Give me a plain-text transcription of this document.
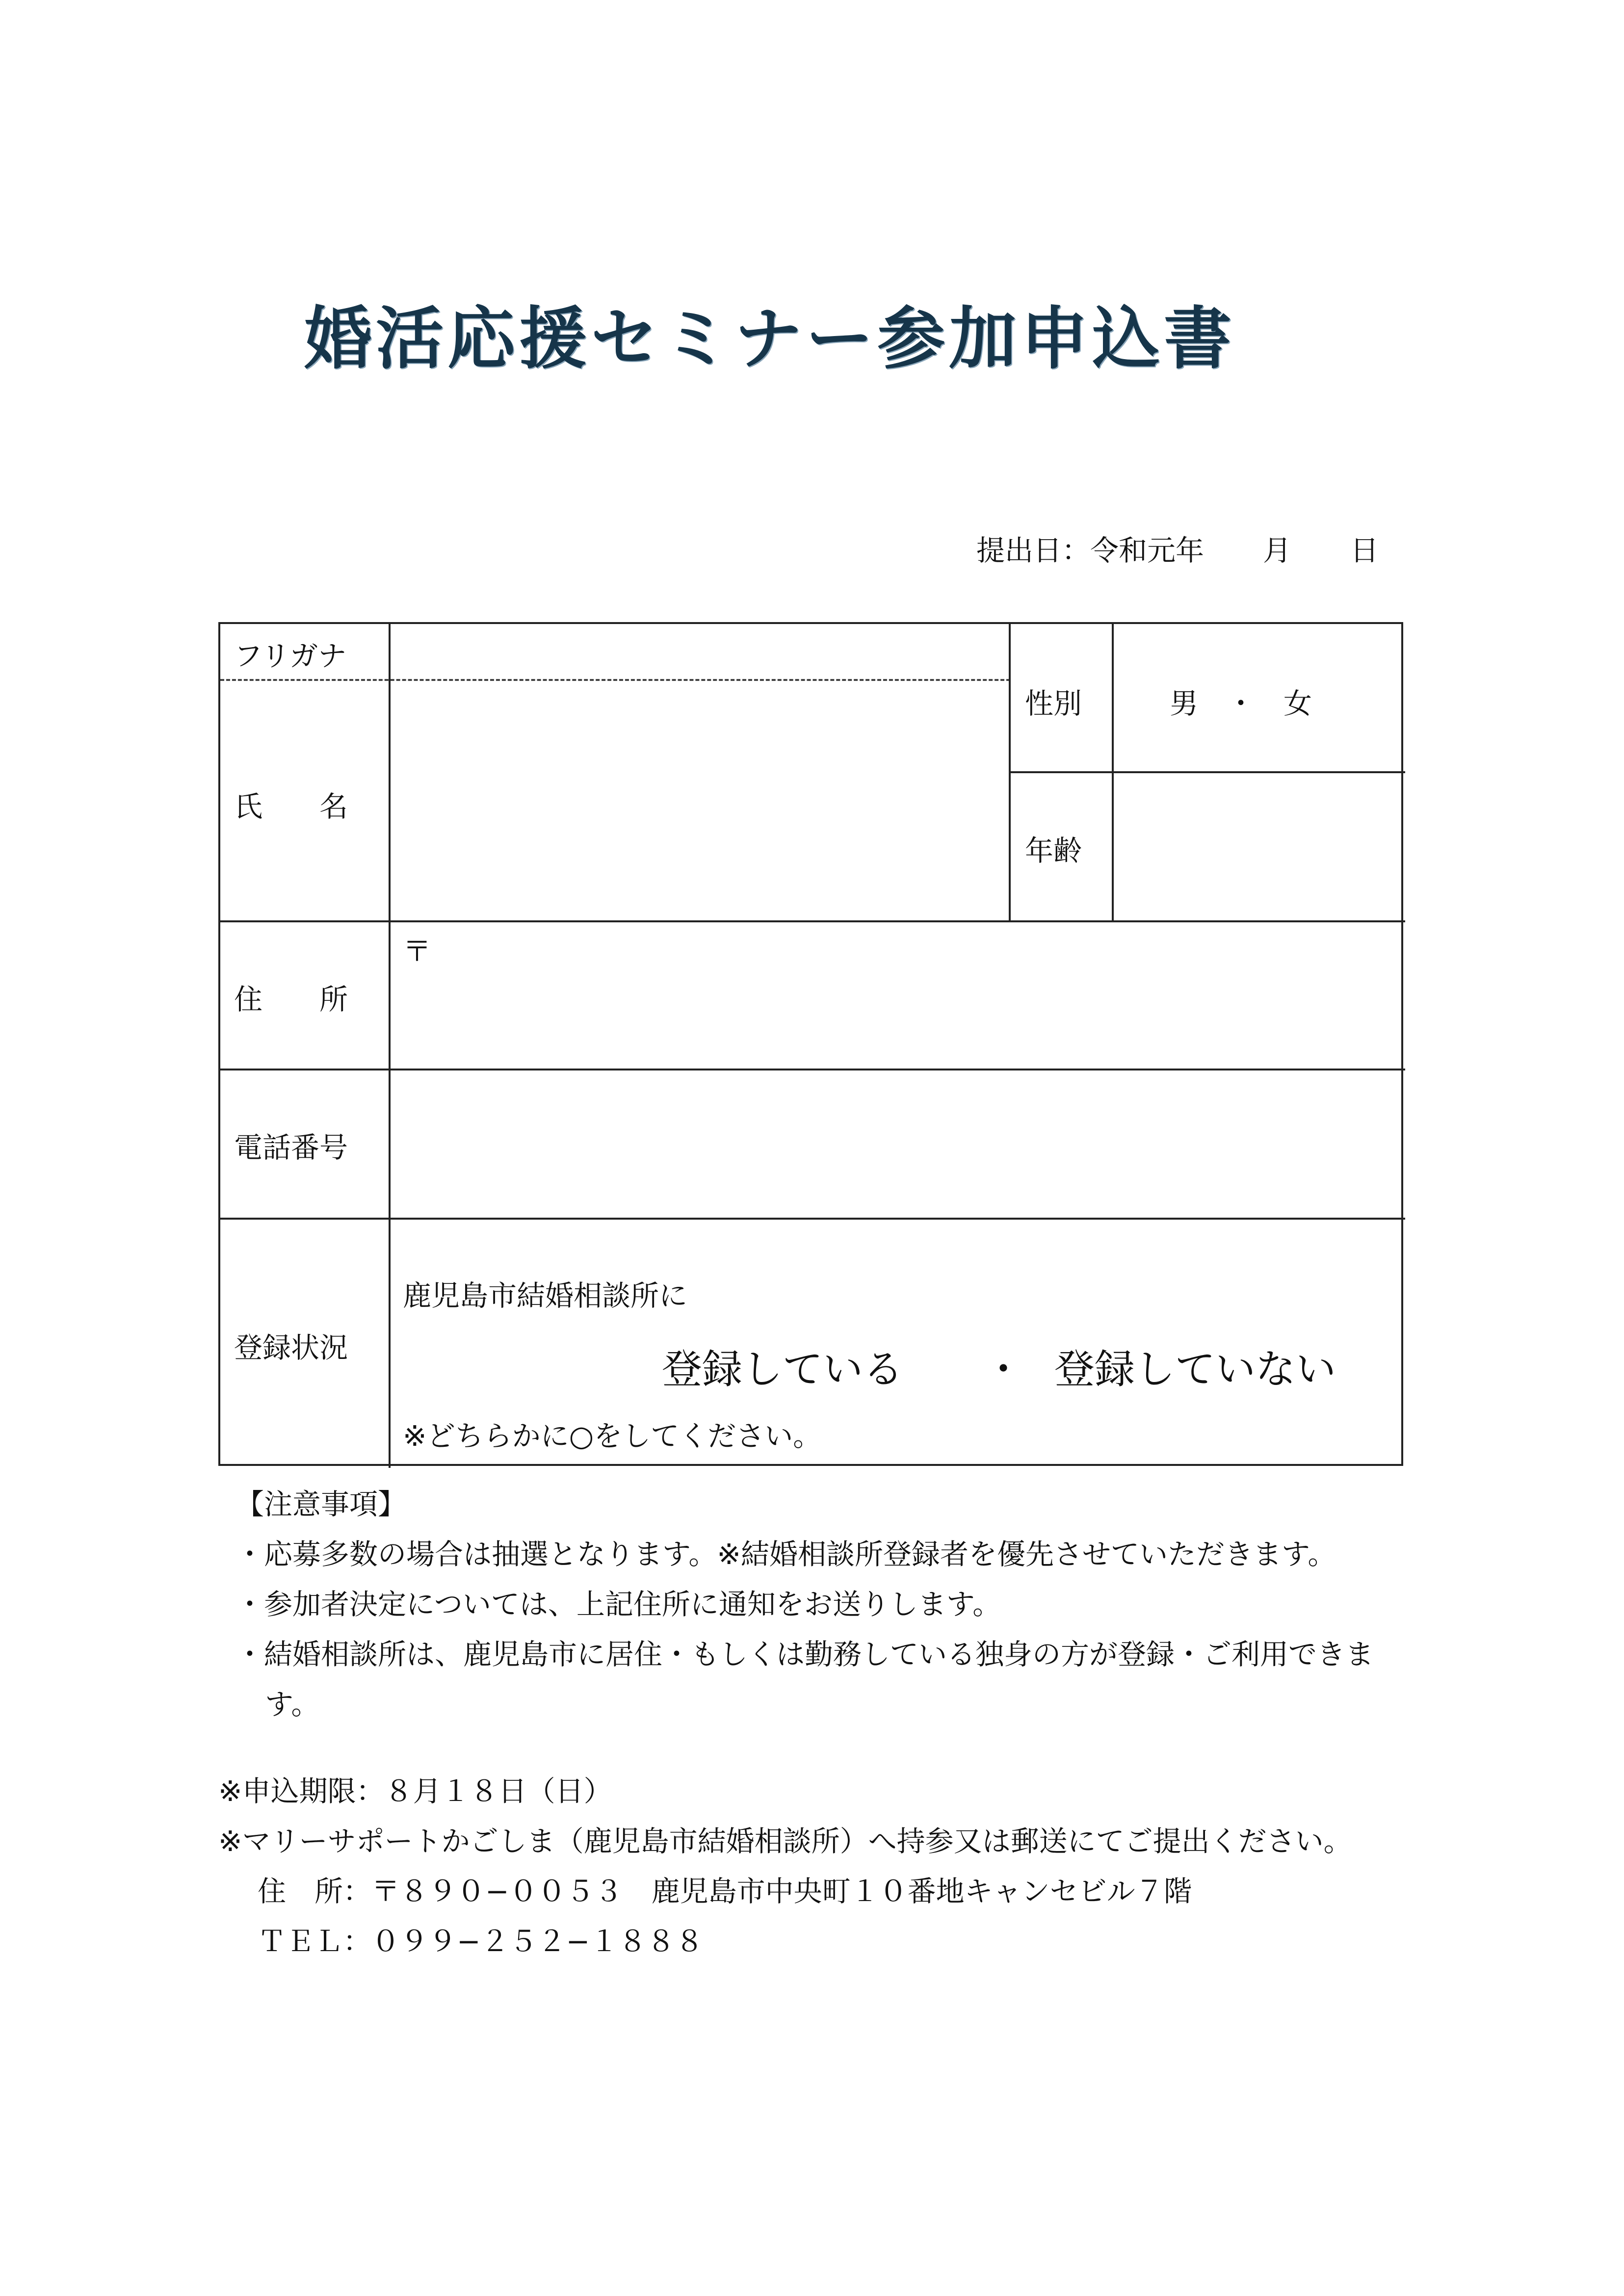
婚活応援セミナー参加申込書
提出日：令和元年 月 日
フリガナ
氏　　名
性別	男　・　女
年齢
住　　所
〒
電話番号
登録状況
鹿児島市結婚相談所に
登録している ・ 登録していない
※どちらかに○をしてください。
【注意事項】
・応募多数の場合は抽選となります。※結婚相談所登録者を優先させていただきます。
・参加者決定については、上記住所に通知をお送りします。
・結婚相談所は、鹿児島市に居住・もしくは勤務している独身の方が登録・ご利用できま
す。
※申込期限：８月１８日（日）
※マリーサポートかごしま（鹿児島市結婚相談所）へ持参又は郵送にてご提出ください。
住　所：〒８９０−００５３　鹿児島市中央町１０番地キャンセビル７階
ＴＥＬ：０９９−２５２−１８８８
